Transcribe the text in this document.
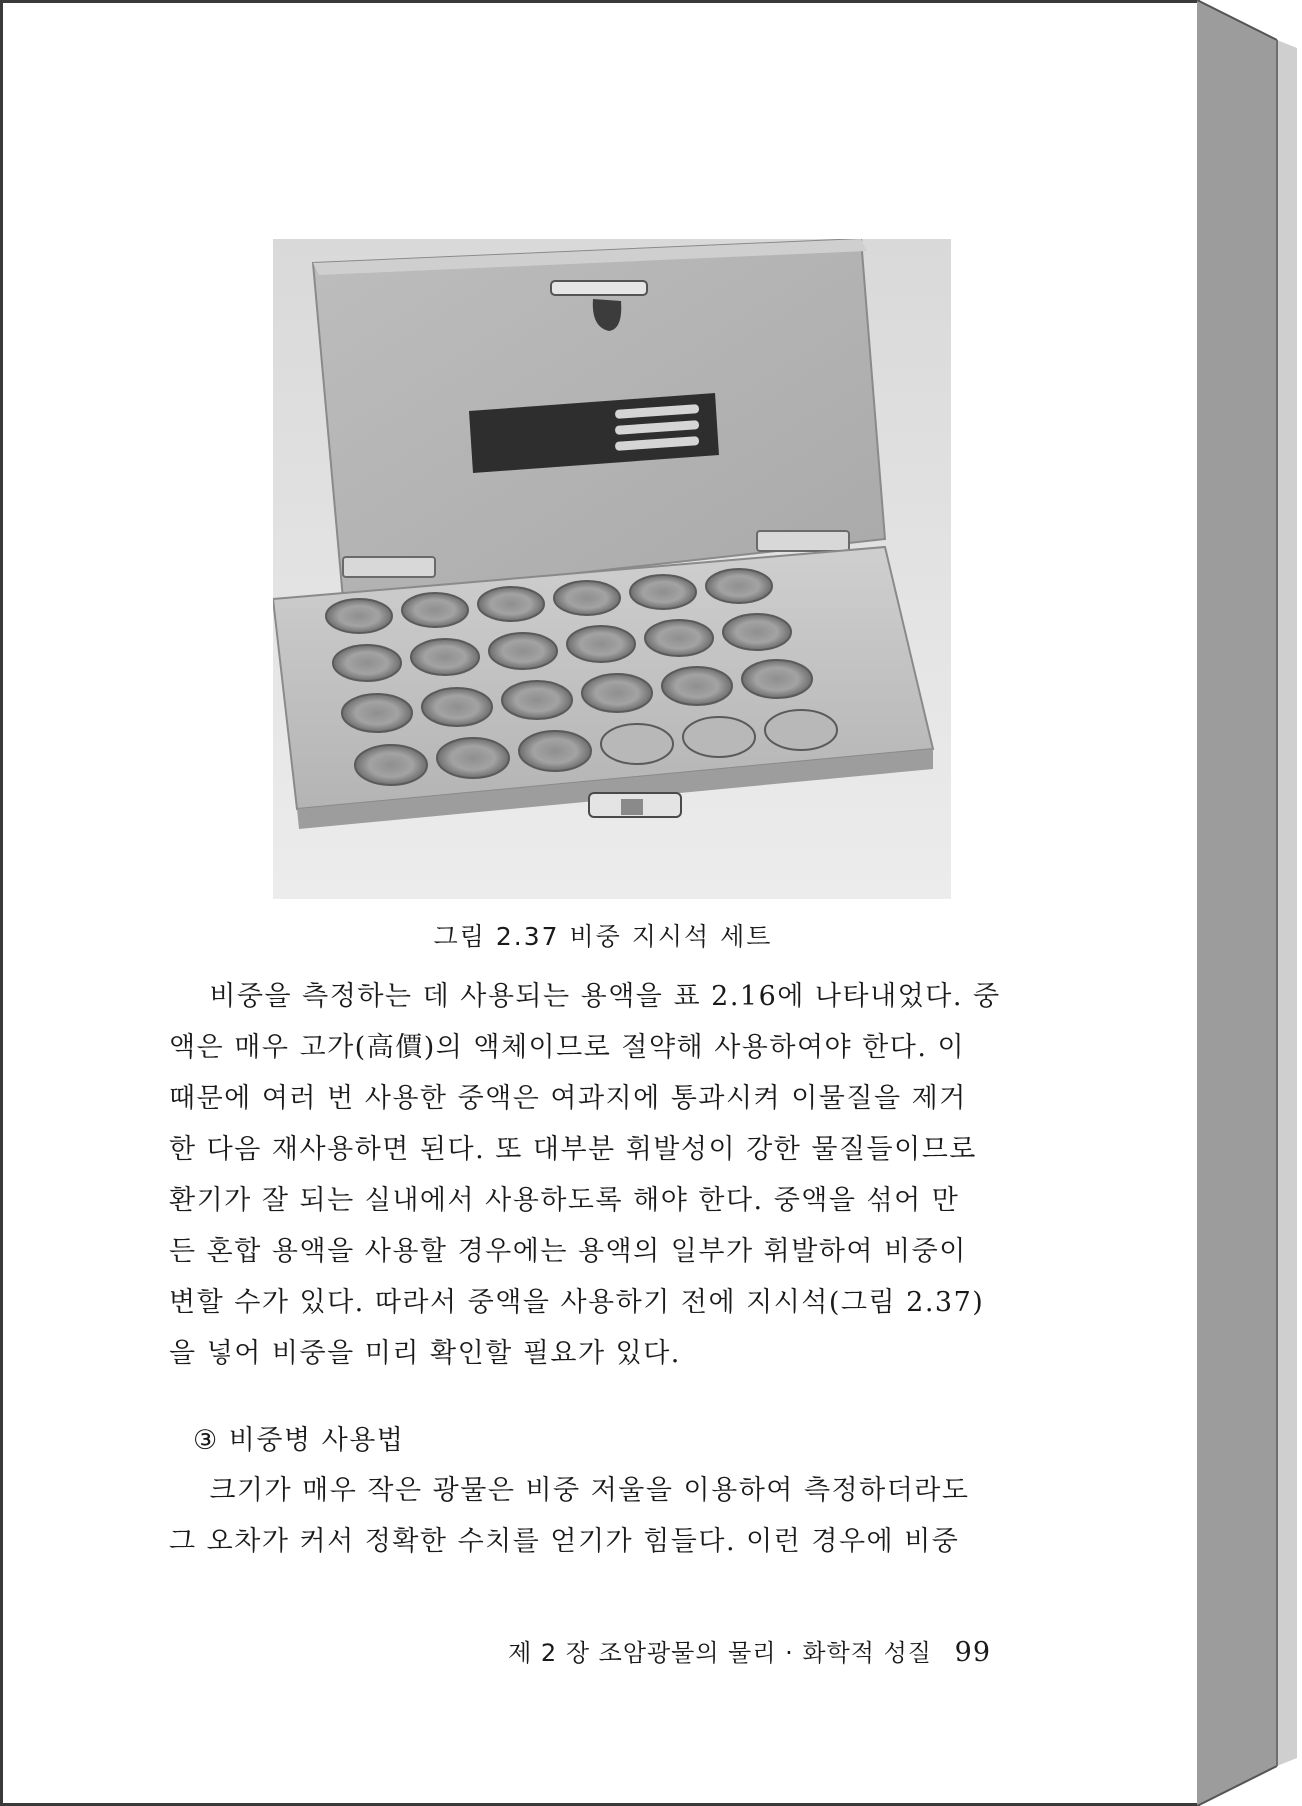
그림 2.37 비중 지시석 세트
비중을 측정하는 데 사용되는 용액을 표 2.16에 나타내었다. 중
액은 매우 고가(高價)의 액체이므로 절약해 사용하여야 한다. 이
때문에 여러 번 사용한 중액은 여과지에 통과시켜 이물질을 제거
한 다음 재사용하면 된다. 또 대부분 휘발성이 강한 물질들이므로
환기가 잘 되는 실내에서 사용하도록 해야 한다. 중액을 섞어 만
든 혼합 용액을 사용할 경우에는 용액의 일부가 휘발하여 비중이
변할 수가 있다. 따라서 중액을 사용하기 전에 지시석(그림 2.37)
을 넣어 비중을 미리 확인할 필요가 있다.
③ 비중병 사용법
크기가 매우 작은 광물은 비중 저울을 이용하여 측정하더라도
그 오차가 커서 정확한 수치를 얻기가 힘들다. 이런 경우에 비중
제 2 장 조암광물의 물리 · 화학적 성질 99
